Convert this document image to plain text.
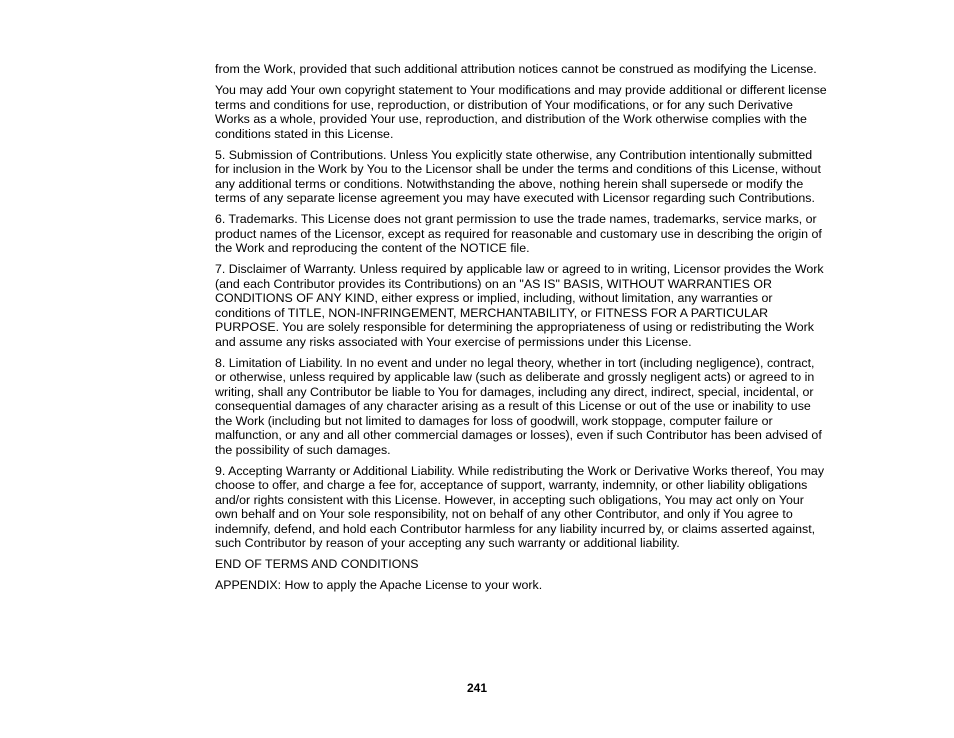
from the Work, provided that such additional attribution notices cannot be construed as modifying the License.

You may add Your own copyright statement to Your modifications and may provide additional or different license terms and conditions for use, reproduction, or distribution of Your modifications, or for any such Derivative Works as a whole, provided Your use, reproduction, and distribution of the Work otherwise complies with the conditions stated in this License.

5. Submission of Contributions. Unless You explicitly state otherwise, any Contribution intentionally submitted for inclusion in the Work by You to the Licensor shall be under the terms and conditions of this License, without any additional terms or conditions. Notwithstanding the above, nothing herein shall supersede or modify the terms of any separate license agreement you may have executed with Licensor regarding such Contributions.

6. Trademarks. This License does not grant permission to use the trade names, trademarks, service marks, or product names of the Licensor, except as required for reasonable and customary use in describing the origin of the Work and reproducing the content of the NOTICE file.

7. Disclaimer of Warranty. Unless required by applicable law or agreed to in writing, Licensor provides the Work (and each Contributor provides its Contributions) on an "AS IS" BASIS, WITHOUT WARRANTIES OR CONDITIONS OF ANY KIND, either express or implied, including, without limitation, any warranties or conditions of TITLE, NON-INFRINGEMENT, MERCHANTABILITY, or FITNESS FOR A PARTICULAR PURPOSE. You are solely responsible for determining the appropriateness of using or redistributing the Work and assume any risks associated with Your exercise of permissions under this License.

8. Limitation of Liability. In no event and under no legal theory, whether in tort (including negligence), contract, or otherwise, unless required by applicable law (such as deliberate and grossly negligent acts) or agreed to in writing, shall any Contributor be liable to You for damages, including any direct, indirect, special, incidental, or consequential damages of any character arising as a result of this License or out of the use or inability to use the Work (including but not limited to damages for loss of goodwill, work stoppage, computer failure or malfunction, or any and all other commercial damages or losses), even if such Contributor has been advised of the possibility of such damages.

9. Accepting Warranty or Additional Liability. While redistributing the Work or Derivative Works thereof, You may choose to offer, and charge a fee for, acceptance of support, warranty, indemnity, or other liability obligations and/or rights consistent with this License. However, in accepting such obligations, You may act only on Your own behalf and on Your sole responsibility, not on behalf of any other Contributor, and only if You agree to indemnify, defend, and hold each Contributor harmless for any liability incurred by, or claims asserted against, such Contributor by reason of your accepting any such warranty or additional liability.

END OF TERMS AND CONDITIONS

APPENDIX: How to apply the Apache License to your work.

241
